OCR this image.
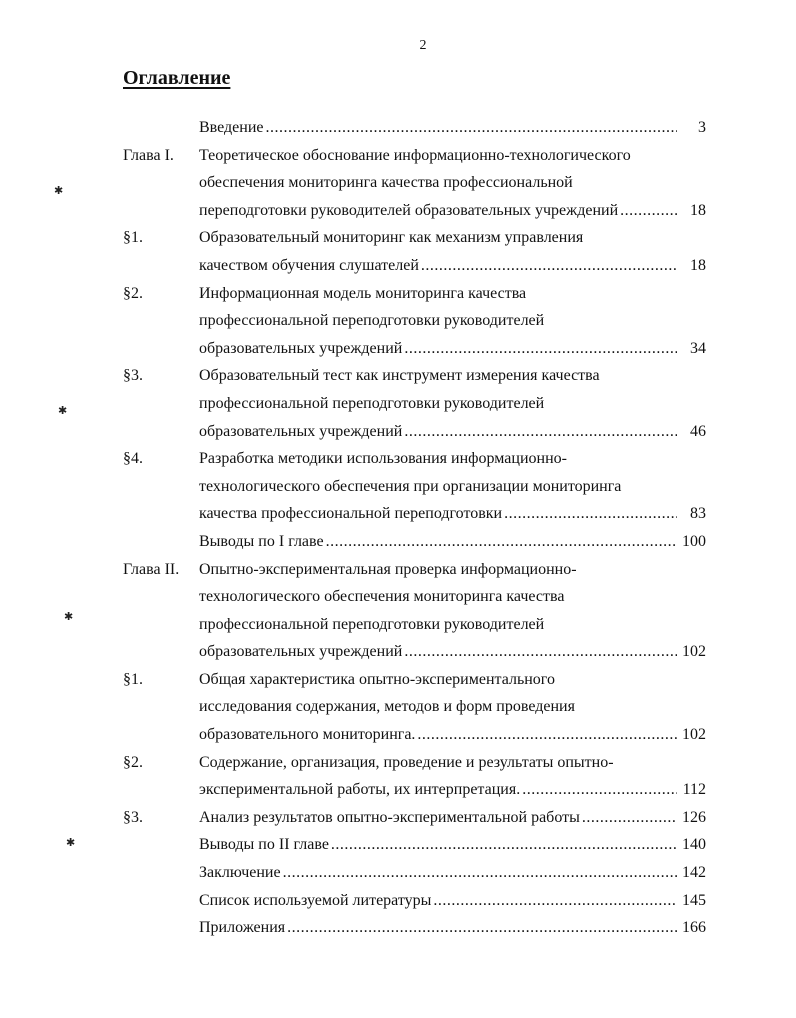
2
Оглавление
Введение .....	3
Глава I. Теоретическое обоснование информационно-технологического
обеспечения мониторинга качества профессиональной
переподготовки руководителей образовательных учреждений .....	18
§1.	Образовательный мониторинг как механизм управления
качеством обучения слушателей .....	18
§2.	Информационная модель мониторинга качества
профессиональной переподготовки руководителей
образовательных учреждений .....	34
§3.	Образовательный тест как инструмент измерения качества
профессиональной переподготовки руководителей
образовательных учреждений .....	46
§4.	Разработка методики использования информационно-
технологического обеспечения при организации мониторинга
качества профессиональной переподготовки .....	83
Выводы по I главе .....	100
Глава II. Опытно-экспериментальная проверка информационно-
технологического обеспечения мониторинга качества
профессиональной переподготовки руководителей
образовательных учреждений .....	102
§1.	Общая характеристика опытно-экспериментального
исследования содержания, методов и форм проведения
образовательного мониторинга. .....	102
§2.	Содержание, организация, проведение и результаты опытно-
экспериментальной работы, их интерпретация. .....	112
§3.	Анализ результатов опытно-экспериментальной работы .....	126
Выводы по II главе .....	140
Заключение .....	142
Список используемой литературы .....	145
Приложения .....	166
✱
✱
✱
✱
